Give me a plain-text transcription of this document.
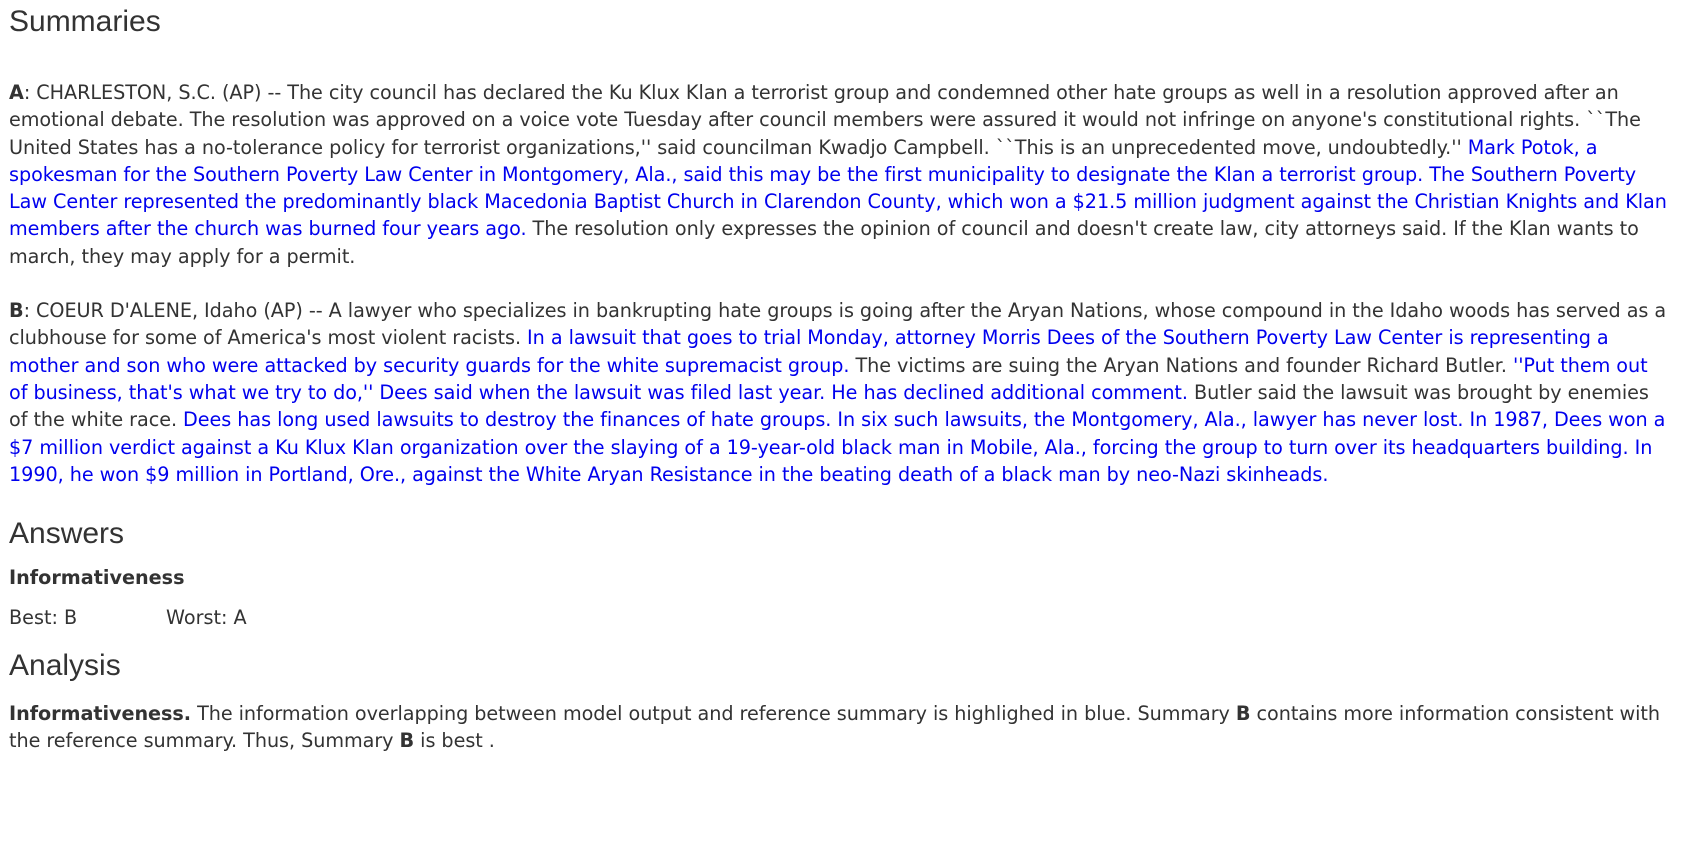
Summaries

A: CHARLESTON, S.C. (AP) -- The city council has declared the Ku Klux Klan a terrorist group and condemned other hate groups as well in a resolution approved after an emotional debate. The resolution was approved on a voice vote Tuesday after council members were assured it would not infringe on anyone's constitutional rights. ``The United States has a no-tolerance policy for terrorist organizations,'' said councilman Kwadjo Campbell. ``This is an unprecedented move, undoubtedly.'' Mark Potok, a spokesman for the Southern Poverty Law Center in Montgomery, Ala., said this may be the first municipality to designate the Klan a terrorist group. The Southern Poverty Law Center represented the predominantly black Macedonia Baptist Church in Clarendon County, which won a $21.5 million judgment against the Christian Knights and Klan members after the church was burned four years ago. The resolution only expresses the opinion of council and doesn't create law, city attorneys said. If the Klan wants to march, they may apply for a permit.

B: COEUR D'ALENE, Idaho (AP) -- A lawyer who specializes in bankrupting hate groups is going after the Aryan Nations, whose compound in the Idaho woods has served as a clubhouse for some of America's most violent racists. In a lawsuit that goes to trial Monday, attorney Morris Dees of the Southern Poverty Law Center is representing a mother and son who were attacked by security guards for the white supremacist group. The victims are suing the Aryan Nations and founder Richard Butler. ''Put them out of business, that's what we try to do,'' Dees said when the lawsuit was filed last year. He has declined additional comment. Butler said the lawsuit was brought by enemies of the white race. Dees has long used lawsuits to destroy the finances of hate groups. In six such lawsuits, the Montgomery, Ala., lawyer has never lost. In 1987, Dees won a $7 million verdict against a Ku Klux Klan organization over the slaying of a 19-year-old black man in Mobile, Ala., forcing the group to turn over its headquarters building. In 1990, he won $9 million in Portland, Ore., against the White Aryan Resistance in the beating death of a black man by neo-Nazi skinheads.

Answers

Informativeness

Best: B	Worst: A
Analysis

Informativeness. The information overlapping between model output and reference summary is highlighed in blue. Summary B contains more information consistent with the reference summary. Thus, Summary B is best .
